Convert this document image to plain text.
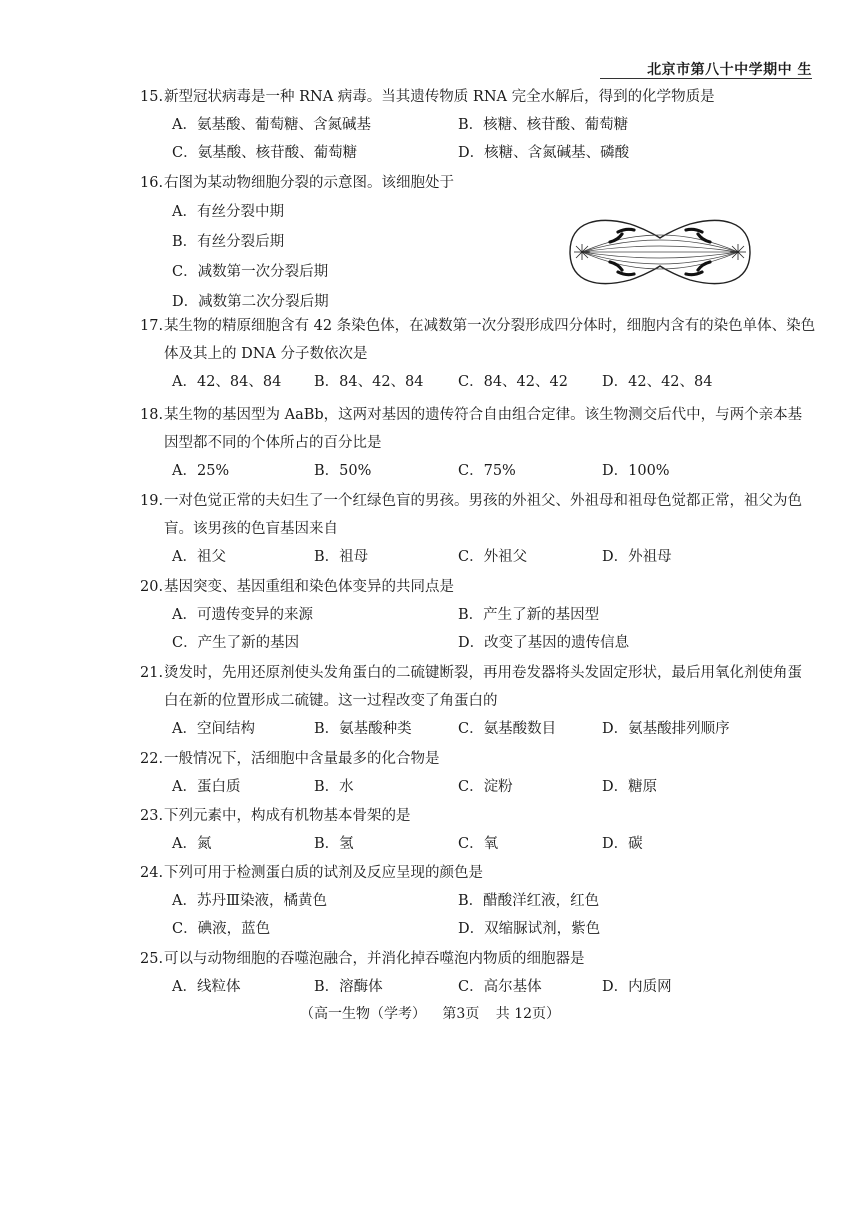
北京市第八十中学期中 生
15. 新型冠状病毒是一种 RNA 病毒。当其遗传物质 RNA 完全水解后，得到的化学物质是
A．氨基酸、葡萄糖、含氮碱基	B．核糖、核苷酸、葡萄糖
C．氨基酸、核苷酸、葡萄糖	D．核糖、含氮碱基、磷酸
16. 右图为某动物细胞分裂的示意图。该细胞处于
A．有丝分裂中期
B．有丝分裂后期
C．减数第一次分裂后期
D．减数第二次分裂后期
17. 某生物的精原细胞含有 42 条染色体，在减数第一次分裂形成四分体时，细胞内含有的染色单体、染色
体及其上的 DNA 分子数依次是
A．42、84、84 B．84、42、84 C．84、42、42 D．42、42、84
18. 某生物的基因型为 AaBb，这两对基因的遗传符合自由组合定律。该生物测交后代中，与两个亲本基
因型都不同的个体所占的百分比是
A．25%	B．50%	C．75%	D．100%
19. 一对色觉正常的夫妇生了一个红绿色盲的男孩。男孩的外祖父、外祖母和祖母色觉都正常，祖父为色
盲。该男孩的色盲基因来自
A．祖父	B．祖母	C．外祖父	D．外祖母
20. 基因突变、基因重组和染色体变异的共同点是
A．可遗传变异的来源	B．产生了新的基因型
C．产生了新的基因	D．改变了基因的遗传信息
21. 烫发时，先用还原剂使头发角蛋白的二硫键断裂，再用卷发器将头发固定形状，最后用氧化剂使角蛋
白在新的位置形成二硫键。这一过程改变了角蛋白的
A．空间结构	B．氨基酸种类	C．氨基酸数目	D．氨基酸排列顺序
22. 一般情况下，活细胞中含量最多的化合物是
A．蛋白质	B．水	C．淀粉	D．糖原
23. 下列元素中，构成有机物基本骨架的是
A．氮	B．氢	C．氧	D．碳
24. 下列可用于检测蛋白质的试剂及反应呈现的颜色是
A．苏丹Ⅲ染液，橘黄色	B．醋酸洋红液，红色
C．碘液，蓝色	D．双缩脲试剂，紫色
25. 可以与动物细胞的吞噬泡融合，并消化掉吞噬泡内物质的细胞器是
A．线粒体	B．溶酶体	C．高尔基体	D．内质网
（高一生物（学考） 第3页 共 12页）
